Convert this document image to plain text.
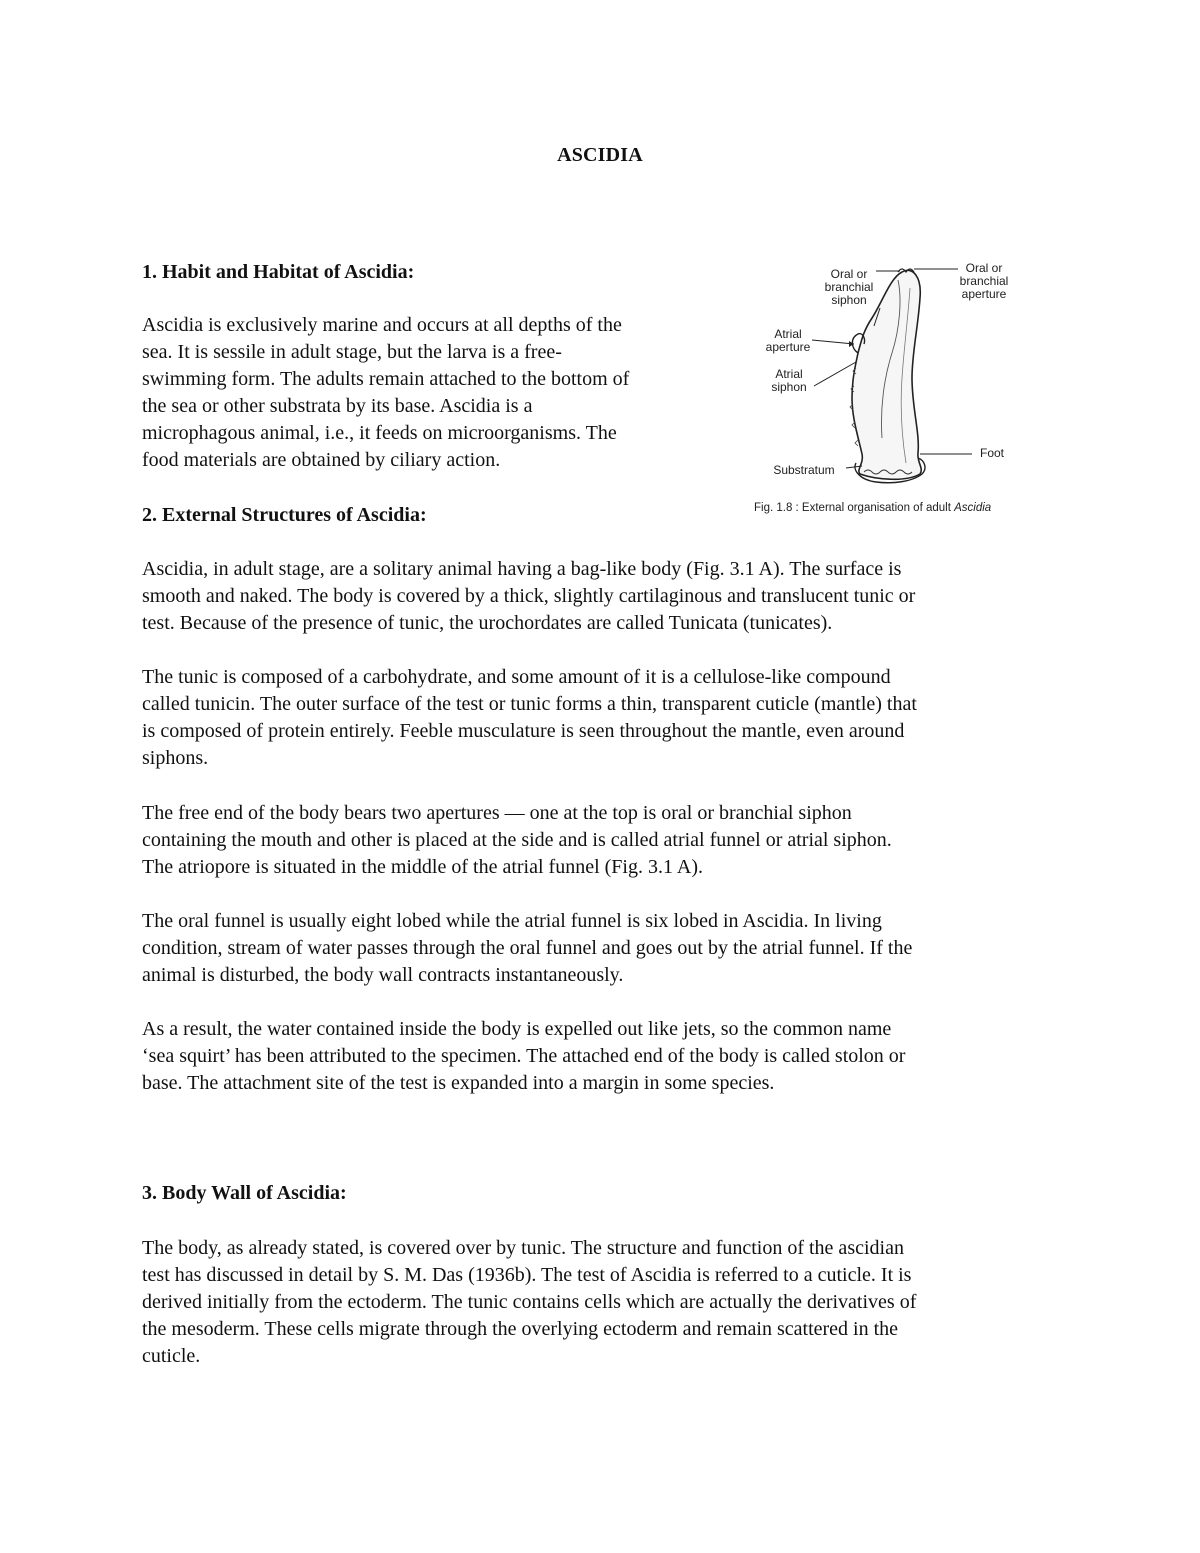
ASCIDIA
1. Habit and Habitat of Ascidia:
Ascidia is exclusively marine and occurs at all depths of the
sea. It is sessile in adult stage, but the larva is a free-
swimming form. The adults remain attached to the bottom of
the sea or other substrata by its base. Ascidia is a
microphagous animal, i.e., it feeds on microorganisms. The
food materials are obtained by ciliary action.
Oral or
branchial
siphon
Oral or
branchial
aperture
Atrial
aperture
Atrial
siphon
Foot
Substratum
Fig. 1.8 : External organisation of adult Ascidia
2. External Structures of Ascidia:
Ascidia, in adult stage, are a solitary animal having a bag-like body (Fig. 3.1 A). The surface is
smooth and naked. The body is covered by a thick, slightly cartilaginous and translucent tunic or
test. Because of the presence of tunic, the urochordates are called Tunicata (tunicates).
The tunic is composed of a carbohydrate, and some amount of it is a cellulose-like compound
called tunicin. The outer surface of the test or tunic forms a thin, transparent cuticle (mantle) that
is composed of protein entirely. Feeble musculature is seen throughout the mantle, even around
siphons.
The free end of the body bears two apertures — one at the top is oral or branchial siphon
containing the mouth and other is placed at the side and is called atrial funnel or atrial siphon.
The atriopore is situated in the middle of the atrial funnel (Fig. 3.1 A).
The oral funnel is usually eight lobed while the atrial funnel is six lobed in Ascidia. In living
condition, stream of water passes through the oral funnel and goes out by the atrial funnel. If the
animal is disturbed, the body wall contracts instantaneously.
As a result, the water contained inside the body is expelled out like jets, so the common name
‘sea squirt’ has been attributed to the specimen. The attached end of the body is called stolon or
base. The attachment site of the test is expanded into a margin in some species.
3. Body Wall of Ascidia:
The body, as already stated, is covered over by tunic. The structure and function of the ascidian
test has discussed in detail by S. M. Das (1936b). The test of Ascidia is referred to a cuticle. It is
derived initially from the ectoderm. The tunic contains cells which are actually the derivatives of
the mesoderm. These cells migrate through the overlying ectoderm and remain scattered in the
cuticle.
